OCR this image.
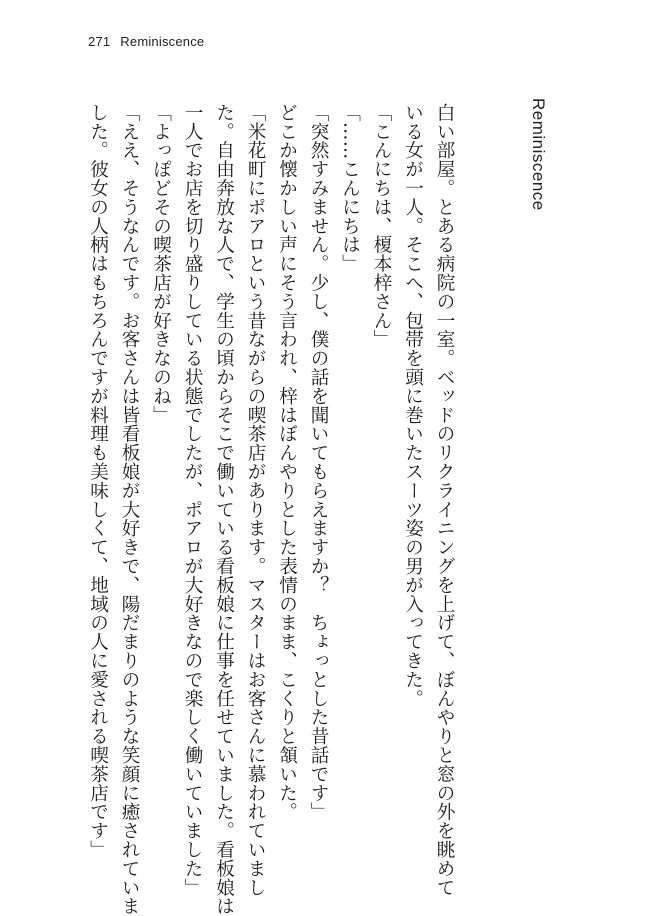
271 Reminiscence
Reminiscence

白い部屋。とある病院の一室。ベッドのリクライニングを上げて、ぼんやりと窓の外を眺めて
いる女が一人。そこへ、包帯を頭に巻いたスーツ姿の男が入ってきた。

「こんにちは、榎本梓さん」

「……こんにちは」

「突然すみません。少し、僕の話を聞いてもらえますか？　ちょっとした昔話です」

どこか懐かしい声にそう言われ、梓はぼんやりとした表情のまま、こくりと頷いた。

「米花町にポアロという昔ながらの喫茶店があります。マスターはお客さんに慕われていまし
た。自由奔放な人で、学生の頃からそこで働いている看板娘に仕事を任せていました。看板娘は
一人でお店を切り盛りしている状態でしたが、ポアロが大好きなので楽しく働いていました」

「よっぽどその喫茶店が好きなのね」

「ええ、そうなんです。お客さんは皆看板娘が大好きで、陽だまりのような笑顔に癒されていま
した。彼女の人柄はもちろんですが料理も美味しくて、地域の人に愛される喫茶店です」
